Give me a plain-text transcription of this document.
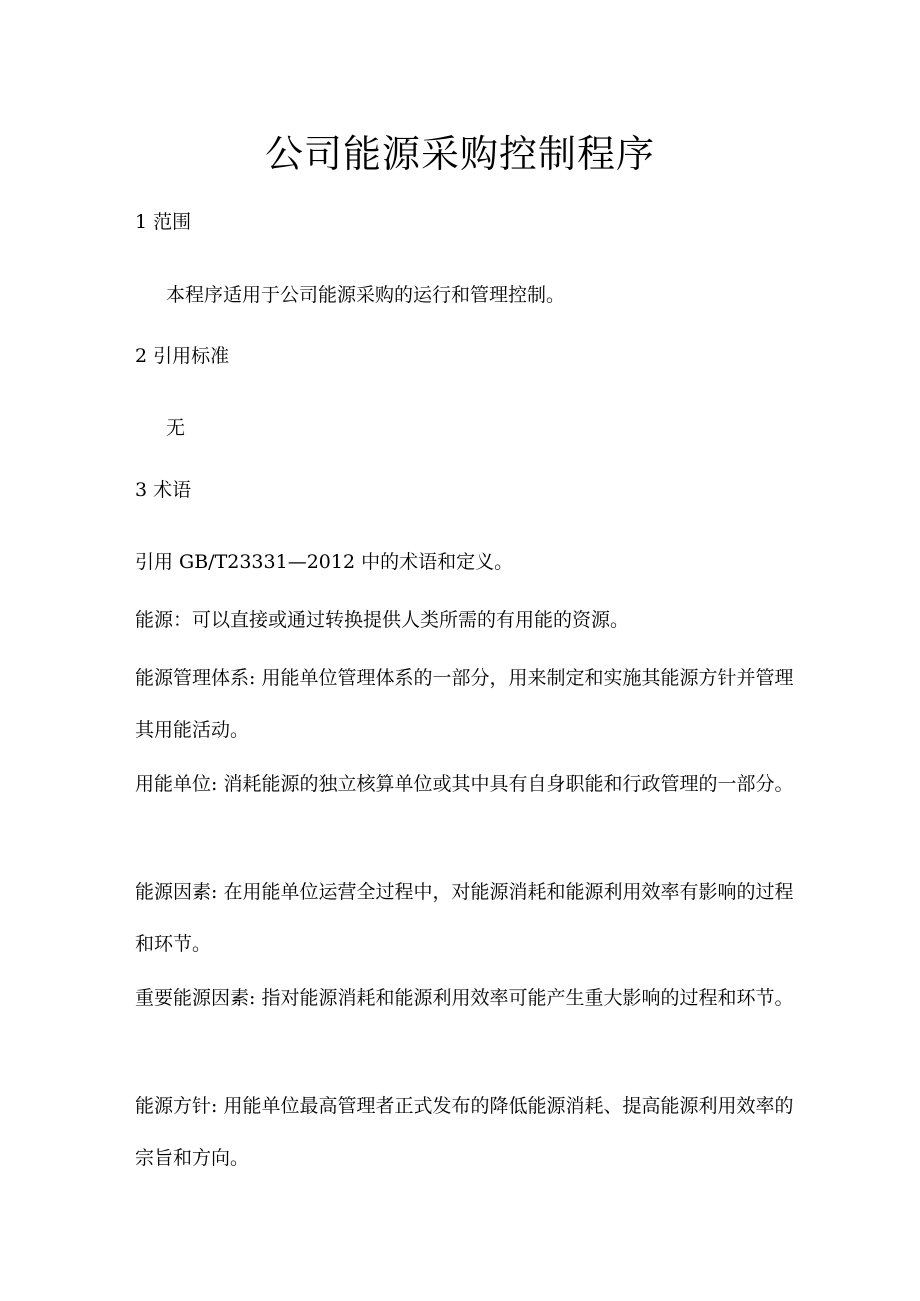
公司能源采购控制程序

1 范围

本程序适用于公司能源采购的运行和管理控制。

2 引用标准

无

3 术语

引用 GB/T23331—2012 中的术语和定义。

能源：可以直接或通过转换提供人类所需的有用能的资源。

能源管理体系: 用能单位管理体系的一部分，用来制定和实施其能源方针并管理其用能活动。

用能单位: 消耗能源的独立核算单位或其中具有自身职能和行政管理的一部分。

能源因素: 在用能单位运营全过程中，对能源消耗和能源利用效率有影响的过程和环节。

重要能源因素: 指对能源消耗和能源利用效率可能产生重大影响的过程和环节。

能源方针: 用能单位最高管理者正式发布的降低能源消耗、提高能源利用效率的宗旨和方向。
